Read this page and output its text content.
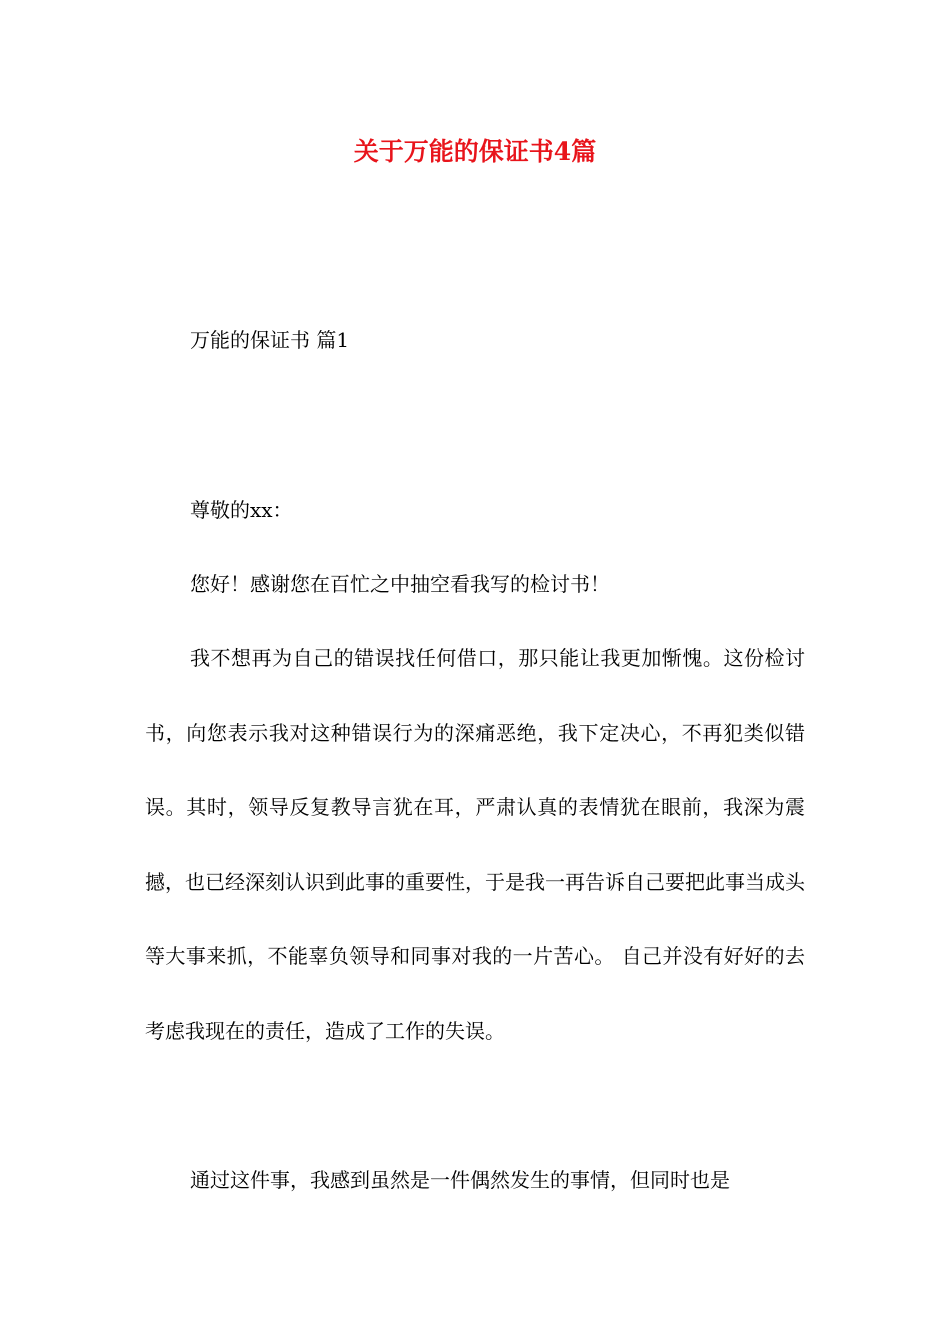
关于万能的保证书4篇

万能的保证书 篇1

尊敬的xx：

您好！感谢您在百忙之中抽空看我写的检讨书！

我不想再为自己的错误找任何借口，那只能让我更加惭愧。这份检讨书，向您表示我对这种错误行为的深痛恶绝，我下定决心，不再犯类似错误。其时，领导反复教导言犹在耳，严肃认真的表情犹在眼前，我深为震撼，也已经深刻认识到此事的重要性，于是我一再告诉自己要把此事当成头等大事来抓，不能辜负领导和同事对我的一片苦心。 自己并没有好好的去考虑我现在的责任，造成了工作的失误。

通过这件事，我感到虽然是一件偶然发生的事情，但同时也是
